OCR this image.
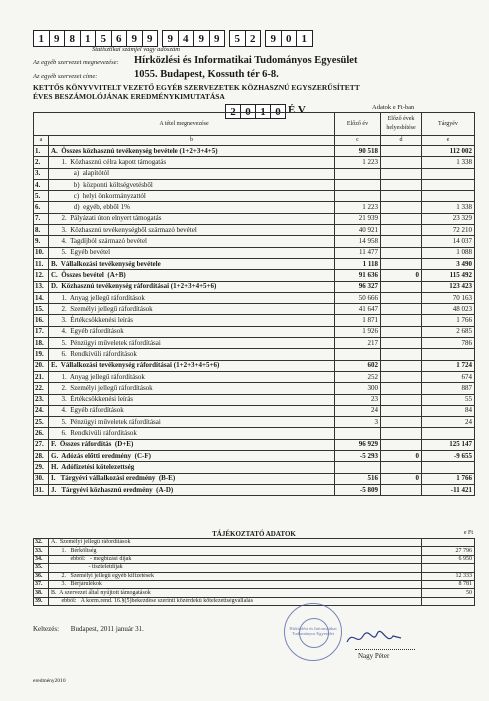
1 9 8 1 5 6 9 9	9 4 9 9	5 2	9 0 1
Statisztikai számjel vagy adószám
Az egyéb szervezet megnevezése: Hírközlési és Informatikai Tudományos Egyesület
Az egyéb szervezet címe:	1055. Budapest, Kossuth tér 6-8.
KETTŐS KÖNYVVITELT VEZETŐ EGYÉB SZERVEZETEK KÖZHASZNÚ EGYSZERŰSÍTETT
ÉVES BESZÁMOLÓJÁNAK EREDMÉNYKIMUTATÁSA
2 0 1 0 É V	Adatok e Ft-ban
A tétel megnevezése		Előző év	Előző évek helyesbítése	Tárgyév
a	b	c	d	e
1.	A.  Összes közhasznú tevékenység bevétele (1+2+3+4+5)	90 518		112 002
2.	1.  Közhasznú célra kapott támogatás	1 223		1 338
3.	a)  alapítótól			
4.	b)  központi költségvetésből			
5.	c)  helyi önkormányzattól			
6.	d)  egyéb, ebből 1%	1 223		1 338
7.	2.  Pályázati úton elnyert támogatás	21 939		23 329
8.	3.  Közhasznú tevékenységből származó bevétel	40 921		72 210
9.	4.  Tagdíjból származó bevétel	14 958		14 037
10.	5.  Egyéb bevétel	11 477		1 088
11.	B.  Vállalkozási tevékenység bevétele	1 118		3 490
12.	C.  Összes bevétel  (A+B)	91 636	0	115 492
13.	D.  Közhasznú tevékenység ráfordításai (1+2+3+4+5+6)	96 327		123 423
14.	1.  Anyag jellegű ráfordítások	50 666		70 163
15.	2.  Személyi jellegű ráfordítások	41 647		48 023
16.	3.  Értékcsökkenési leírás	1 871		1 766
17.	4.  Egyéb ráfordítások	1 926		2 685
18.	5.  Pénzügyi műveletek ráfordításai	217		786
19.	6.  Rendkívüli ráfordítások			
20.	E.  Vállalkozási tevékenység ráfordításai (1+2+3+4+5+6)	602		1 724
21.	1.  Anyag jellegű ráfordítások	252		674
22.	2.  Személyi jellegű ráfordítások	300		887
23.	3.  Értékcsökkenési leírás	23		55
24.	4.  Egyéb ráfordítások	24		84
25.	5.  Pénzügyi műveletek ráfordításai	3		24
26.	6.  Rendkívüli ráfordítások			
27.	F.  Összes ráfordítás  (D+E)	96 929		125 147
28.	G.  Adózás előtti eredmény  (C-F)	-5 293	0	-9 655
29.	H.  Adófizetési kötelezettség			
30.	I.   Tárgyévi vállalkozási eredmény  (B-E)	516	0	1 766
31.	J.   Tárgyévi közhasznú eredmény  (A-D)	-5 809		-11 421
TÁJÉKOZTATÓ ADATOK	e Ft
32.	A.  Személyi jellegű ráfordítások	
33.	1.   Bérköltség	27 796
34.	ebből:   - megbízási díjak	6 950
35.	- tiszteletdíjak	
36.	2.   Személyi jellegű egyéb kifizetések	12 333
37.	3.   Bérjárulékok	8 781
38.	B.  A szervezet által nyújtott támogatások	50
39.	ebből:   A korm.rend. 16.§(5)bekezdése szerinti közérdekű kötelezettségvállalás	
Keltezés: Budapest, 2011 január 31.	Hírközlési és Informatikai Tudományos Egyesület
Nagy Péter
eredmény2010
